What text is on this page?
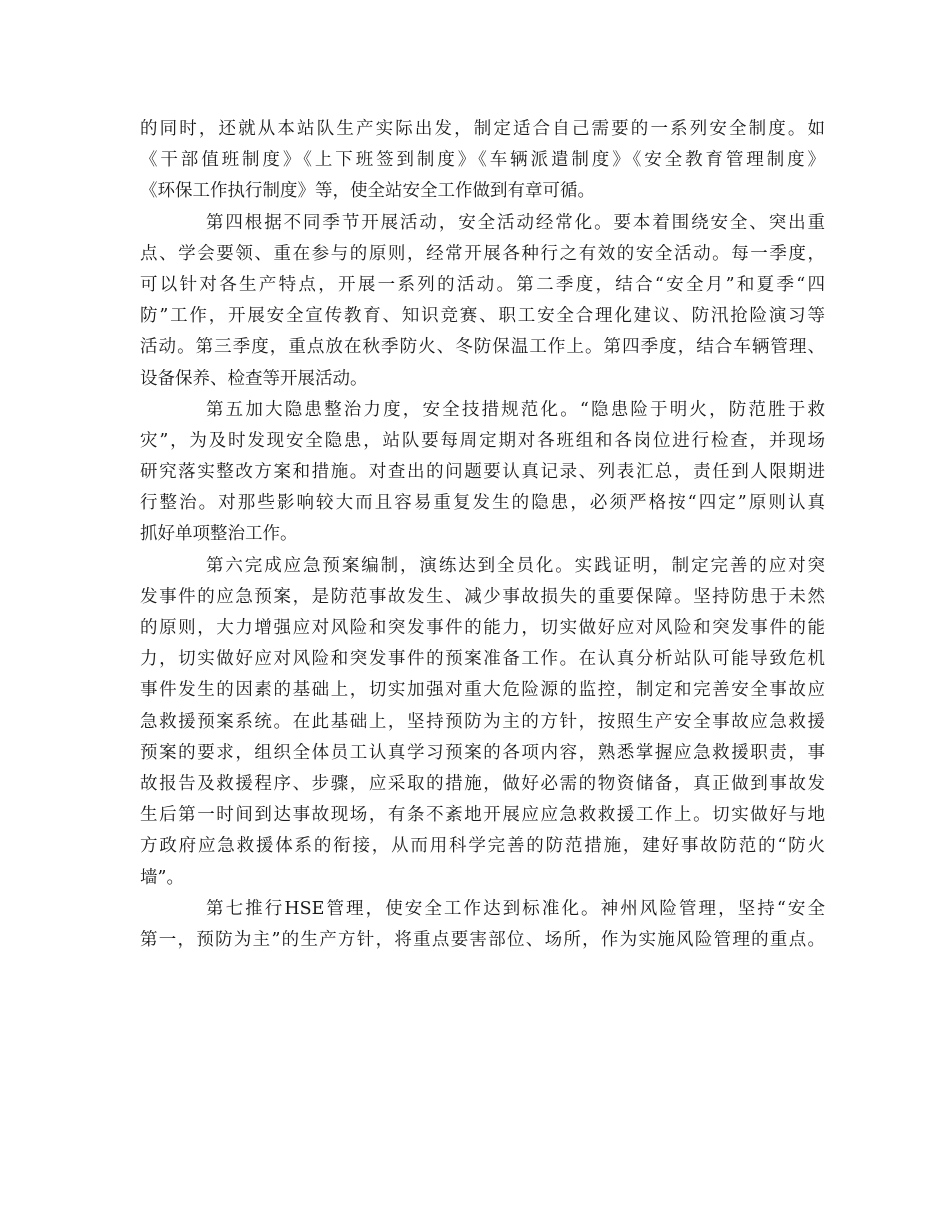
的同时，还就从本站队生产实际出发，制定适合自己需要的一系列安全制度。如
《干部值班制度》《上下班签到制度》《车辆派遣制度》《安全教育管理制度》
《环保工作执行制度》等，使全站安全工作做到有章可循。
第四根据不同季节开展活动，安全活动经常化。要本着围绕安全、突出重
点、学会要领、重在参与的原则，经常开展各种行之有效的安全活动。每一季度，
可以针对各生产特点，开展一系列的活动。第二季度，结合“安全月”和夏季“四
防”工作，开展安全宣传教育、知识竞赛、职工安全合理化建议、防汛抢险演习等
活动。第三季度，重点放在秋季防火、冬防保温工作上。第四季度，结合车辆管理、
设备保养、检查等开展活动。
第五加大隐患整治力度，安全技措规范化。“隐患险于明火，防范胜于救
灾”，为及时发现安全隐患，站队要每周定期对各班组和各岗位进行检查，并现场
研究落实整改方案和措施。对查出的问题要认真记录、列表汇总，责任到人限期进
行整治。对那些影响较大而且容易重复发生的隐患，必须严格按“四定”原则认真
抓好单项整治工作。
第六完成应急预案编制，演练达到全员化。实践证明，制定完善的应对突
发事件的应急预案，是防范事故发生、减少事故损失的重要保障。坚持防患于未然
的原则，大力增强应对风险和突发事件的能力，切实做好应对风险和突发事件的能
力，切实做好应对风险和突发事件的预案准备工作。在认真分析站队可能导致危机
事件发生的因素的基础上，切实加强对重大危险源的监控，制定和完善安全事故应
急救援预案系统。在此基础上，坚持预防为主的方针，按照生产安全事故应急救援
预案的要求，组织全体员工认真学习预案的各项内容，熟悉掌握应急救援职责，事
故报告及救援程序、步骤，应采取的措施，做好必需的物资储备，真正做到事故发
生后第一时间到达事故现场，有条不紊地开展应应急救救援工作上。切实做好与地
方政府应急救援体系的衔接，从而用科学完善的防范措施，建好事故防范的“防火
墙”。
第七推行HSE管理，使安全工作达到标准化。神州风险管理，坚持“安全
第一，预防为主”的生产方针，将重点要害部位、场所，作为实施风险管理的重点。
